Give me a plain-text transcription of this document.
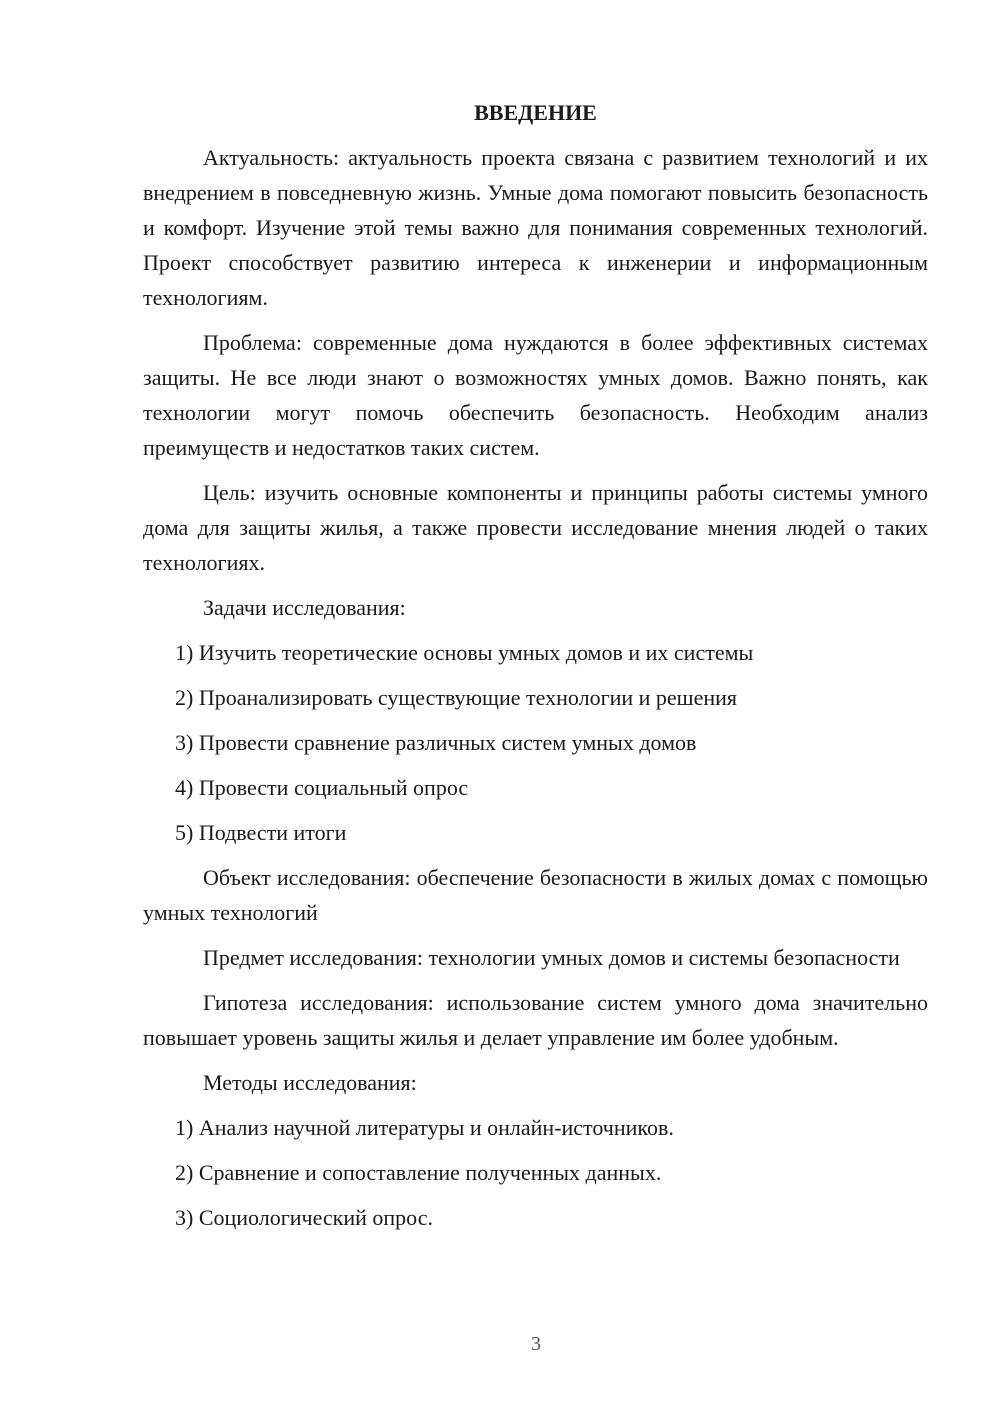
ВВЕДЕНИЕ

Актуальность: актуальность проекта связана с развитием технологий и их внедрением в повседневную жизнь. Умные дома помогают повысить безопасность и комфорт. Изучение этой темы важно для понимания современных технологий. Проект способствует развитию интереса к инженерии и информационным технологиям.

Проблема: современные дома нуждаются в более эффективных системах защиты. Не все люди знают о возможностях умных домов. Важно понять, как технологии могут помочь обеспечить безопасность. Необходим анализ преимуществ и недостатков таких систем.

Цель: изучить основные компоненты и принципы работы системы умного дома для защиты жилья, а также провести исследование мнения людей о таких технологиях.

Задачи исследования:

1) Изучить теоретические основы умных домов и их системы

2) Проанализировать существующие технологии и решения

3) Провести сравнение различных систем умных домов

4) Провести социальный опрос

5) Подвести итоги

Объект исследования: обеспечение безопасности в жилых домах с помощью умных технологий

Предмет исследования: технологии умных домов и системы безопасности

Гипотеза исследования: использование систем умного дома значительно повышает уровень защиты жилья и делает управление им более удобным.

Методы исследования:

1) Анализ научной литературы и онлайн-источников.

2) Сравнение и сопоставление полученных данных.

3) Социологический опрос.

3
